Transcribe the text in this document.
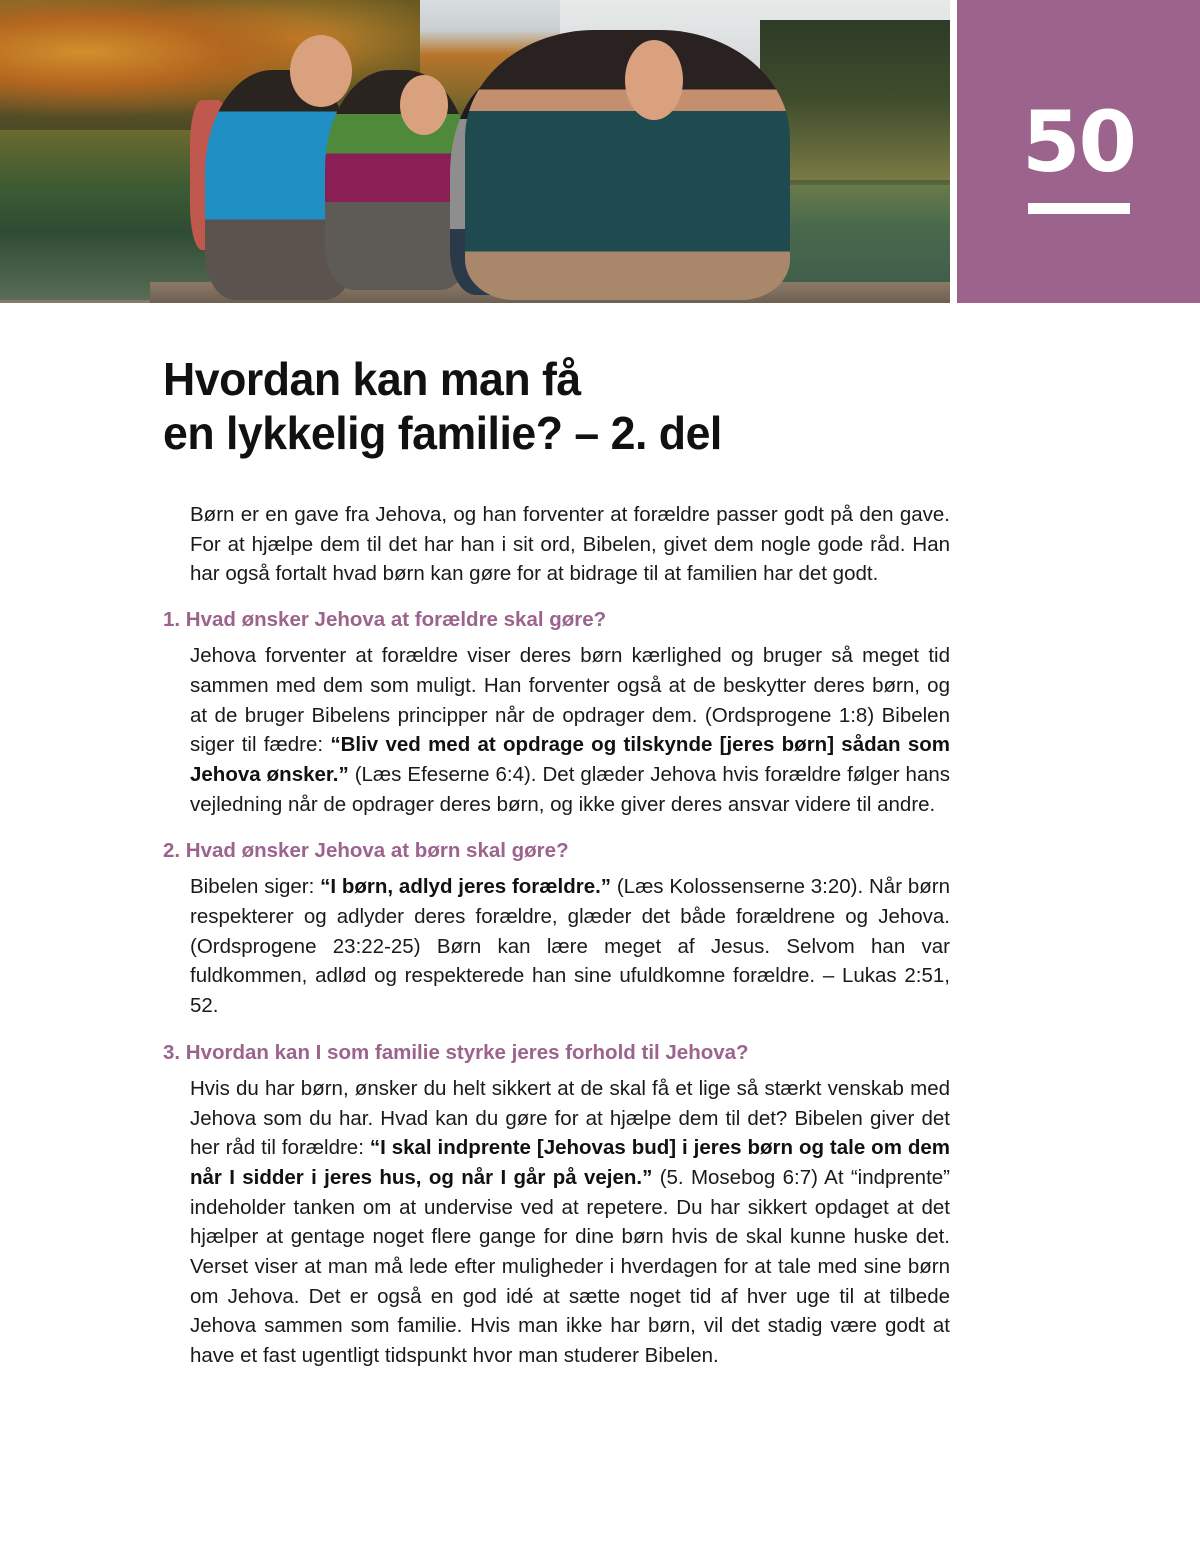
50
Hvordan kan man få
en lykkelig familie? – 2. del

Børn er en gave fra Jehova, og han forventer at forældre passer godt på den gave. For at hjælpe dem til det har han i sit ord, Bibelen, givet dem nogle gode råd. Han har også fortalt hvad børn kan gøre for at bidrage til at familien har det godt.

1. Hvad ønsker Jehova at forældre skal gøre?

Jehova forventer at forældre viser deres børn kærlighed og bruger så meget tid sammen med dem som muligt. Han forventer også at de beskytter deres børn, og at de bruger Bibelens principper når de opdrager dem. (Ordsprogene 1:8) Bibelen siger til fædre: “Bliv ved med at opdrage og tilskynde [jeres børn] sådan som Jehova ønsker.” (Læs Efeserne 6:4). Det glæder Jehova hvis forældre følger hans vejledning når de opdrager deres børn, og ikke giver deres ansvar videre til andre.

2. Hvad ønsker Jehova at børn skal gøre?

Bibelen siger: “I børn, adlyd jeres forældre.” (Læs Kolossenserne 3:20). Når børn respekterer og adlyder deres forældre, glæder det både forældrene og Jehova. (Ordsprogene 23:22-25) Børn kan lære meget af Jesus. Selvom han var fuldkommen, adlød og respekterede han sine ufuldkomne forældre. – Lukas 2:51, 52.

3. Hvordan kan I som familie styrke jeres forhold til Jehova?

Hvis du har børn, ønsker du helt sikkert at de skal få et lige så stærkt venskab med Jehova som du har. Hvad kan du gøre for at hjælpe dem til det? Bibelen giver det her råd til forældre: “I skal indprente [Jehovas bud] i jeres børn og tale om dem når I sidder i jeres hus, og når I går på vejen.” (5. Mosebog 6:7) At “indprente” indeholder tanken om at undervise ved at repetere. Du har sikkert opdaget at det hjælper at gentage noget flere gange for dine børn hvis de skal kunne huske det. Verset viser at man må lede efter muligheder i hverdagen for at tale med sine børn om Jehova. Det er også en god idé at sætte noget tid af hver uge til at tilbede Jehova sammen som familie. Hvis man ikke har børn, vil det stadig være godt at have et fast ugentligt tidspunkt hvor man studerer Bibelen.
